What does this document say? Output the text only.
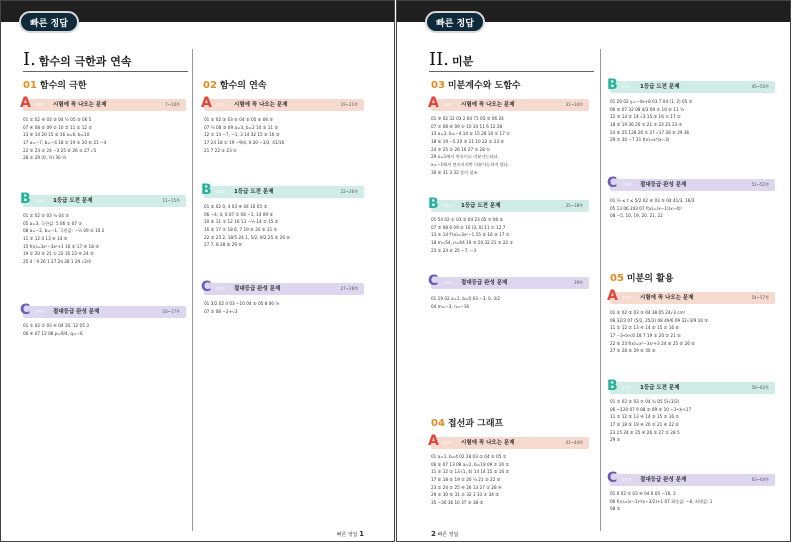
빠른 정답
I. 함수의 극한과 연속
01 함수의 극한	02 함수의 연속
A STEP 시험에 꼭 나오는 문제	7~10쪽
01 ① 02 ④ 03 ③ 04 ½ 05 ③ 06 5
07 ④ 08 ⑤ 09 ② 10 ② 11 ② 12 ②
13 ⑤ 14 20 15 ⑤ 16 a=6, b=10
17 a=−7, b=−4 18 ① 19 ② 20 ⑤ 21 −4
22 ③ 23 ② 24 −3 25 ⑤ 26 ② 27 √5
28 ② 29 (0, ¼) 30 ¼
B STEP 1등급 도전 문제	11~15쪽
01 ① 02 ② 03 ½ 04 ③
05 a=3, 극한값: 5 06 ① 07 ②
08 a=−2, b=−1, 극한값: −⅓ 09 ② 10 2
11 ② 12 4 13 ⑤ 14 ⑤
15 f(x)=3x²−3x²+1 16 ⑤ 17 ③ 18 ③
19 ① 20 ⑤ 21 ① 22 16 23 ④ 24 ③
25 4 : 9 26 1 27 2π 28 1 29 √2/4
C STEP 절대등급 완성 문제	16~17쪽
01 ① 02 ① 03 ④ 04 10, 12 05 3
06 ④ 07 12 08 p=9/4, q=−6
A STEP 시험에 꼭 나오는 문제	19~21쪽
01 ② 02 ③ 03 ⑤ 04 ⑤ 05 ⑤ 06 ③
07 ¼ 08 ③ 09 a=3, b=2 10 ③ 11 ③
12 ① 13 −7, −1, 3 14 32 15 ⑤ 16 ③
17 24 18 ① 19 −9/4, 0 20 −3/2, 41/16
21 7 22 ② 23 ②
B STEP 1등급 도전 문제	22~26쪽
01 ② 02 0, 4 03 ④ 04 16 05 ③
06 −4, 4, 0 07 ① 08 −1, 14 09 ③
10 ⑤ 11 ① 12 16 13 −⅓ 14 ② 15 ②
16 ⑤ 17 ② 18 6, 7 19 ⑤ 20 ⑤ 21 ②
22 ③ 23 2, 18/5 24 1, 5/2, 9/2 25 ⑤ 26 ⑤
27 7, 8 28 ⑤ 29 ⑤
C STEP 절대등급 완성 문제	27~28쪽
01 3/2 02 4 03 −10 04 ⑤ 05 8 06 ⅓
07 ② 08 −2+√3
빠른 정답 1
빠른 정답
II. 미분
03 미분계수와 도함수
04 접선과 그래프
05 미분의 활용
A STEP 시험에 꼭 나오는 문제	31~34쪽
01 ③ 02 32 03 2 04 71 05 ③ 06 24
07 ① 08 ⑤ 09 ① 10 14 11 6 12 28
13 a=3, b=−4 14 ⑤ 15 28 16 ① 17 ①
18 ⑤ 19 −5 20 ③ 21 10 22 ② 23 ⑤
24 ③ 25 ② 26 16 27 ② 28 ①
29 x=1에서 연속이고 미분가능하다.
x=−1에서 연속이지만 미분가능하지 않다.
30 ⑤ 31 3 32 풀이 참조
B STEP 1등급 도전 문제	35~38쪽
01 54 02 ① 03 ③ 04 23 05 ③ 06 ⑤
07 ③ 08 6 09 ② 10 (3, 0) 11 ① 12 7
13 ② 14 f'(x)=3x²−1 15 ③ 16 ③ 17 ②
18 m=54, n=64 19 ③ 20 32 21 ② 22 ②
23 ② 24 ⑤ 25 −7, −3
C STEP 절대등급 완성 문제	39쪽
01 19 02 a=1, b=0 03 −3, 0, 3/2
04 m=−3, n=−16
A STEP 시험에 꼭 나오는 문제	41~44쪽
01 a=1, b=4 02 28 03 ② 04 ⑤ 05 ①
06 ⑤ 07 13 08 a=2, b=19 09 ② 10 ②
11 ⑤ 12 ① 13 (1, 4) 14 14 15 ② 16 ③
17 ⑤ 18 ⑤ 19 ② 20 ⅓ 21 ② 22 ③
23 ① 24 ② 25 ④ 26 13 27 ② 28 ④
29 ② 30 ③ 31 ② 32 3 33 ② 34 ③
35 −30 36 10 37 ② 38 ③
B STEP 1등급 도전 문제	45~50쪽
01 20 02 y=−4x+8 03 7 04 (1, 2) 05 ②
06 ⑤ 07 32 08 4/3 09 ② 10 ⑤ 11 ¾
12 ③ 13 ② 14 √3 15 ③ 16 ① 17 ②
18 ⑤ 19 36 20 ② 21 ② 22 23 23 ②
24 ⑤ 25 128 26 ① 27 √17 28 ⑤ 29 36
29 ① 30 −7 31 f(x)=x³(x−3)
C STEP 절대등급 완성 문제	51~52쪽
01 ⅔ ≤ t ≤ 5/2 02 ④ 03 ③ 04 41/3, 16/3
05 13 06 243 07 f(x)=(x−1)(x−4)²
08 −5, 10, 19, 20, 21, 22
A STEP 시험에 꼭 나오는 문제	54~57쪽
01 ⑤ 02 ③ 03 ③ 04 38 05 24√3 cm³
06 32/3 07 (5/2, 25/2) 08 49/6 09 32√3/9 10 ③
11 ① 12 ② 13 ④ 14 ⑤ 15 ② 16 ⑤
17 −3<k<0 18 7 19 ② 20 ② 21 ⑤
22 ⑤ 23 f(x)=x³−3x²+3 24 ⑤ 25 ⑤ 26 ⑤
27 ② 28 ⑤ 29 ⑤ 30 ⑤
B STEP 1등급 도전 문제	58~62쪽
01 ① 02 ③ 03 ② 04 ¾ 05 5(√3/2)
06 −120 07 9 08 ② 09 ③ 10 −3<k<17
11 ② 12 ③ 13 ④ 14 ⑤ 15 ② 16 ②
17 ⑤ 18 ⑤ 19 ④ 20 ② 21 ④ 22 ⑤
23 15 24 ⑤ 25 ④ 26 ③ 27 ② 28 5
29 ②
C STEP 절대등급 완성 문제	63~64쪽
01 6 02 ② 03 ④ 04 6 05 −16, 3
06 f(x)=(x−1)²(x−3/2)+1 07 최솟값: −8, 최댓값: 1
08 ②
2 빠른 정답
